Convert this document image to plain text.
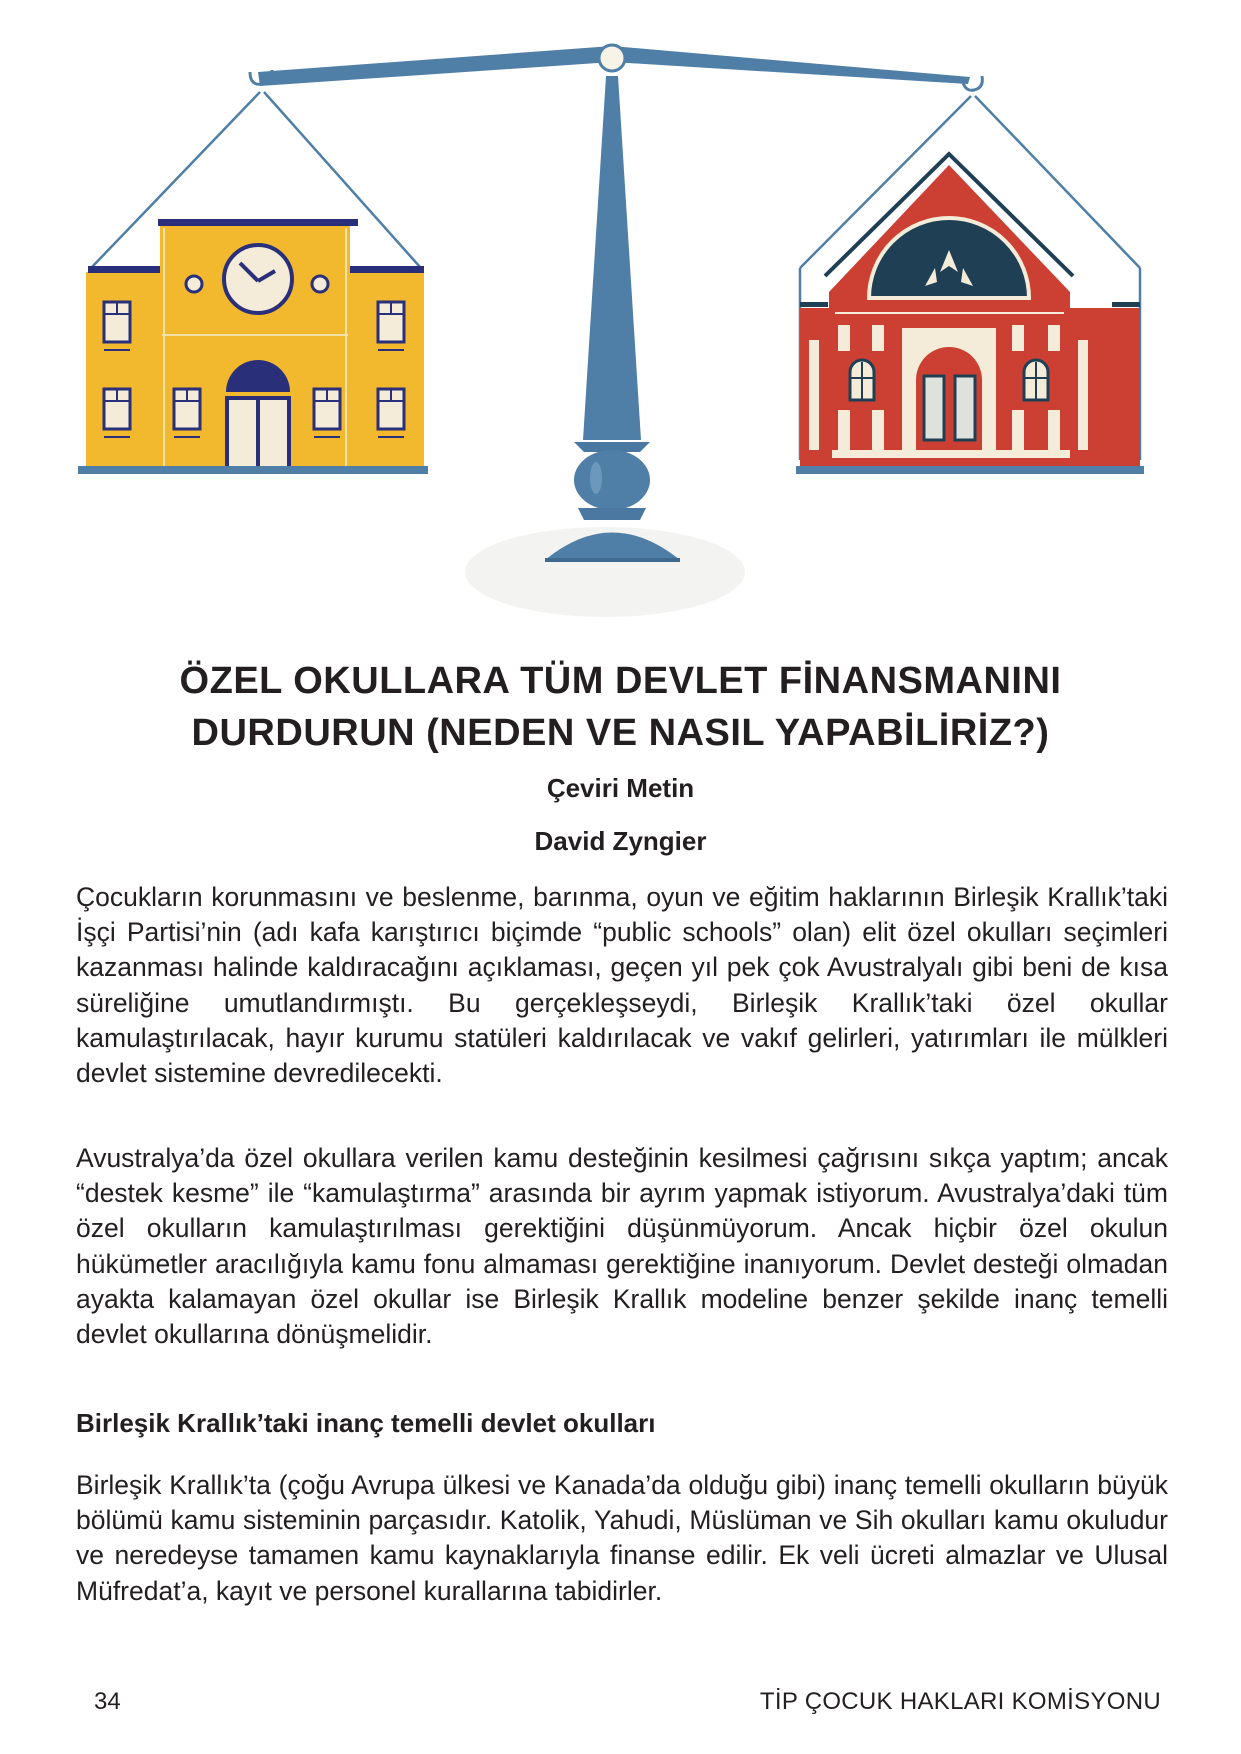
ÖZEL OKULLARA TÜM DEVLET FİNANSMANINI
DURDURUN (NEDEN VE NASIL YAPABİLİRİZ?)

Çeviri Metin

David Zyngier

Çocukların korunmasını ve beslenme, barınma, oyun ve eğitim haklarının Birleşik Krallık’taki İşçi Partisi’nin (adı kafa karıştırıcı biçimde “public schools” olan) elit özel okulları seçimleri kazanması halinde kaldıracağını açıklaması, geçen yıl pek çok Avustralyalı gibi beni de kısa süreliğine umutlandırmıştı. Bu gerçekleşseydi, Birleşik Krallık’taki özel okullar kamulaştırılacak, hayır kurumu statüleri kaldırılacak ve vakıf gelirleri, yatırımları ile mülkleri devlet sistemine devredilecekti.

Avustralya’da özel okullara verilen kamu desteğinin kesilmesi çağrısını sıkça yaptım; ancak “destek kesme” ile “kamulaştırma” arasında bir ayrım yapmak istiyorum. Avustralya’daki tüm özel okulların kamulaştırılması gerektiğini düşünmüyorum. Ancak hiçbir özel okulun hükümetler aracılığıyla kamu fonu almaması gerektiğine inanıyorum. Devlet desteği olmadan ayakta kalamayan özel okullar ise Birleşik Krallık modeline benzer şekilde inanç temelli devlet okullarına dönüşmelidir.

Birleşik Krallık’taki inanç temelli devlet okulları

Birleşik Krallık’ta (çoğu Avrupa ülkesi ve Kanada’da olduğu gibi) inanç temelli okulların büyük bölümü kamu sisteminin parçasıdır. Katolik, Yahudi, Müslüman ve Sih okulları kamu okuludur ve neredeyse tamamen kamu kaynaklarıyla finanse edilir. Ek veli ücreti almazlar ve Ulusal Müfredat’a, kayıt ve personel kurallarına tabidirler.

34	TİP ÇOCUK HAKLARI KOMİSYONU
